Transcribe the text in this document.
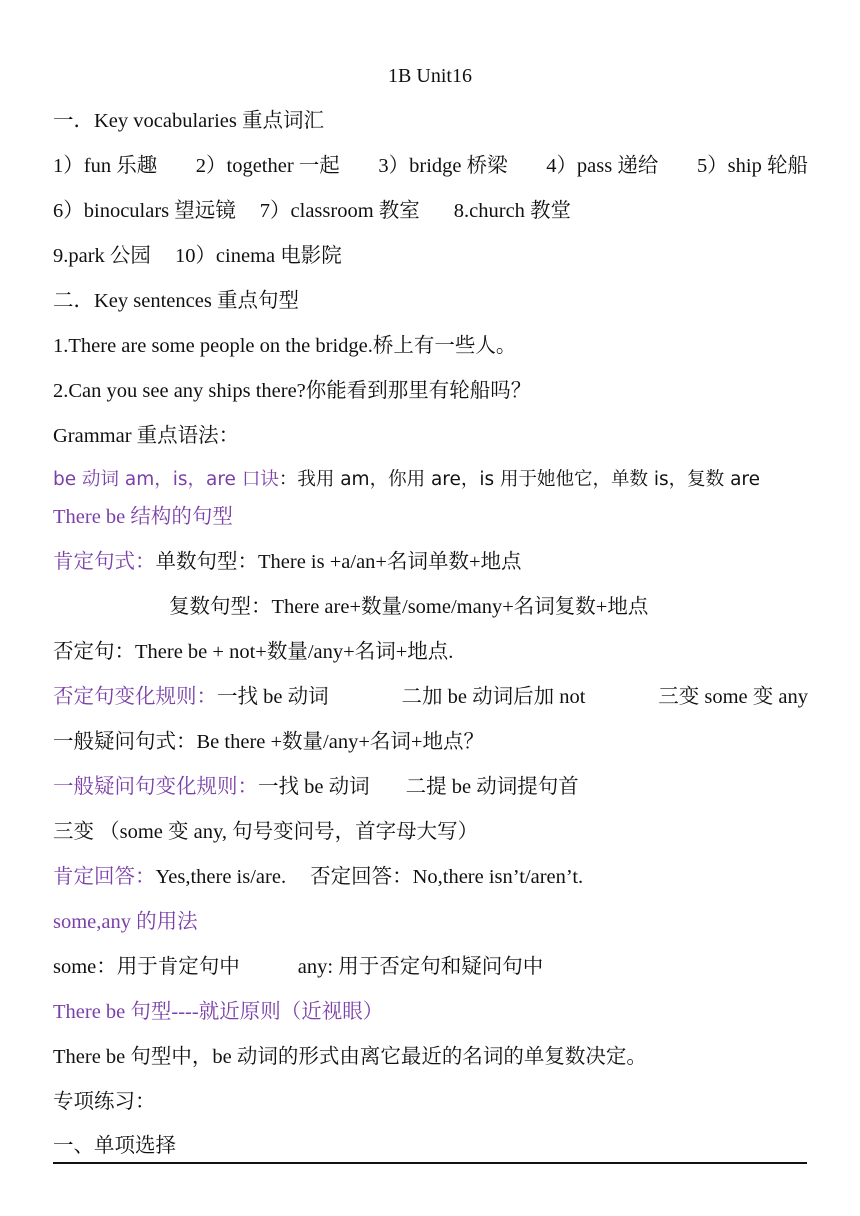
1B Unit16
一．Key vocabularies 重点词汇
1）fun 乐趣 2）together 一起 3）bridge 桥梁 4）pass 递给 5）ship 轮船
6）binoculars 望远镜 7）classroom 教室 8.church 教堂
9.park 公园 10）cinema 电影院
二．Key sentences 重点句型
1.There are some people on the bridge.桥上有一些人。
2.Can you see any ships there?你能看到那里有轮船吗？
Grammar 重点语法：
be 动词 am，is，are 口诀：我用 am，你用 are，is 用于她他它，单数 is，复数 are
There be 结构的句型
肯定句式：单数句型：There is +a/an+名词单数+地点
复数句型：There are+数量/some/many+名词复数+地点
否定句：There be + not+数量/any+名词+地点.
否定句变化规则：一找 be 动词	二加 be 动词后加 not	三变 some 变 any
一般疑问句式：Be there +数量/any+名词+地点？
一般疑问句变化规则：一找 be 动词 二提 be 动词提句首
三变 （some 变 any, 句号变问号，首字母大写）
肯定回答：Yes,there is/are. 否定回答：No,there isn’t/aren’t.
some,any 的用法
some：用于肯定句中	any: 用于否定句和疑问句中
There be 句型----就近原则（近视眼）
There be 句型中，be 动词的形式由离它最近的名词的单复数决定。
专项练习：
一、单项选择
